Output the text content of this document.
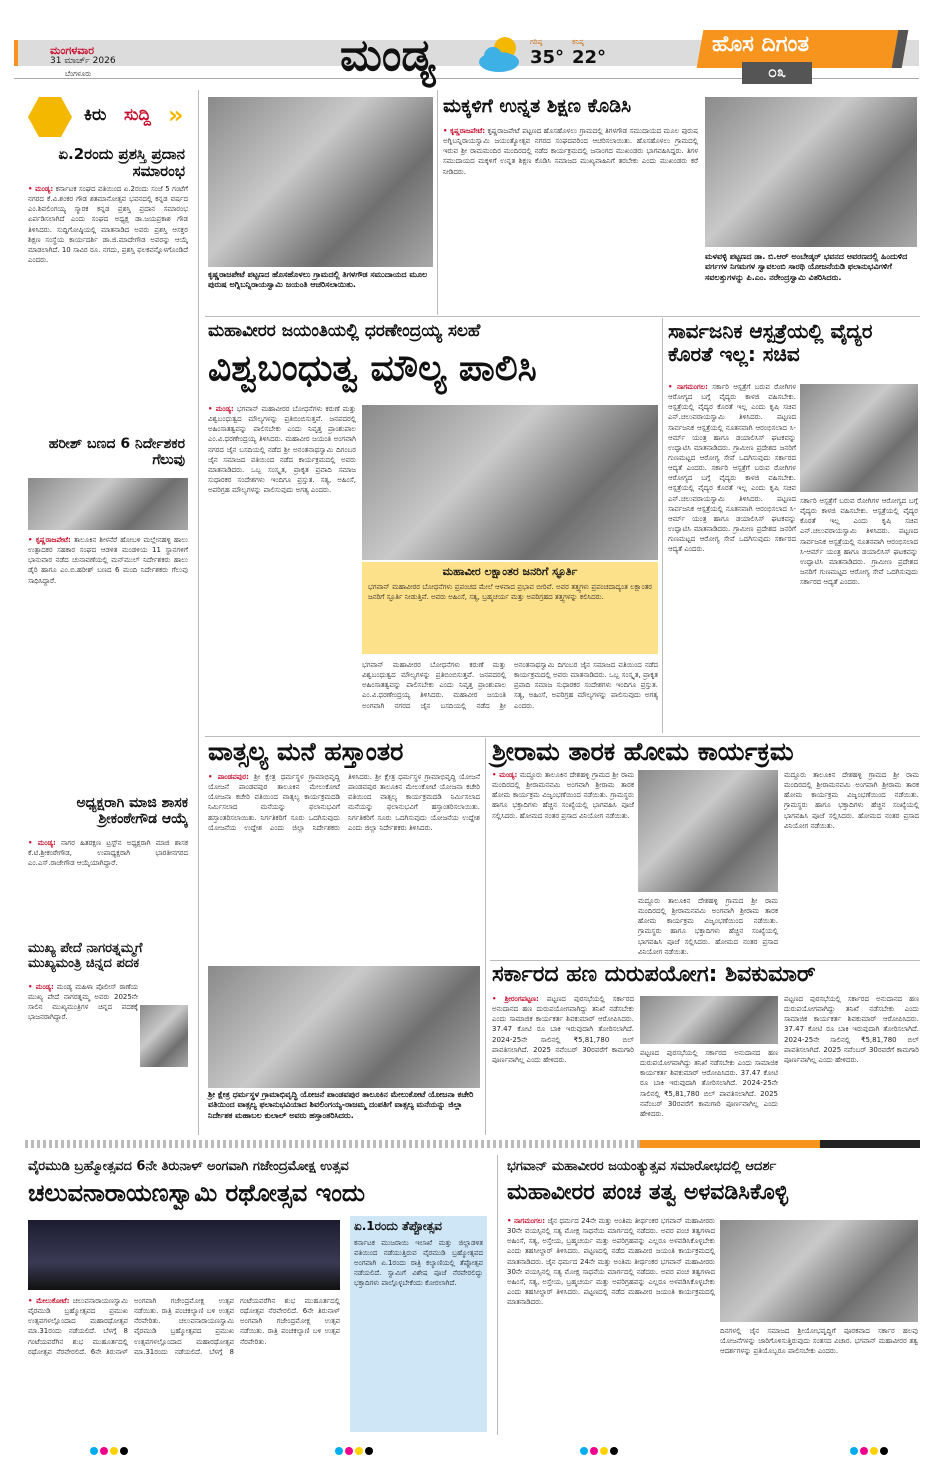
ಮಂಗಳವಾರ
31 ಮಾರ್ಚ್ 2026
ಬೆಂಗಳೂರು	ಮಂಡ್ಯ	ಗರಿಷ್ಠ
35°
ಕನಿಷ್ಠ
22°
ಹೊಸ ದಿಗಂತ
೦೩
ಕಿರು ಸುದ್ದಿ »
ಏ.2ರಂದು ಪ್ರಶಸ್ತಿ ಪ್ರದಾನ ಸಮಾರಂಭ
• ಮಂಡ್ಯ: ಕರ್ನಾಟಕ ಸಂಘದ ವತಿಯಿಂದ ಏ.2ರಂದು ಸಂಜೆ 5 ಗಂಟೆಗೆ ನಗರದ ಕೆ.ವಿ.ಶಂಕರ ಗೌಡ ಶತಮಾನೋತ್ಸವ ಭವನದಲ್ಲಿ ಕನ್ನಡ ವರ್ಷದ ಎಂ.ಶಿವಲಿಂಗಯ್ಯ ಸ್ಮಾರಕ ಕನ್ನಡ ಪ್ರಶಸ್ತಿ ಪ್ರದಾನ ಸಮಾರಂಭ ಏರ್ಪಡಿಸಲಾಗಿದೆ ಎಂದು ಸಂಘದ ಅಧ್ಯಕ್ಷ ಡಾ.ಜಯಪ್ರಕಾಶ ಗೌಡ ತಿಳಿಸಿದರು. ಸುದ್ದಿಗೋಷ್ಠಿಯಲ್ಲಿ ಮಾತನಾಡಿದ ಅವರು ಪ್ರಶಸ್ತಿ ಆಸಕ್ತರ ಶಿಕ್ಷಣ ಸಂಸ್ಥೆಯ ಕಾರ್ಯದರ್ಶಿ ಡಾ.ಜಿ.ಮಾದೇಗೌಡ ಅವರನ್ನು ಆಯ್ಕೆ ಮಾಡಲಾಗಿದೆ. 10 ಸಾವಿರ ರೂ. ನಗದು, ಪ್ರಶಸ್ತಿ ಫಲಕವನ್ನೊಳಗೊಂಡಿದೆ ಎಂದರು.
ಹರೀಶ್ ಬಣದ 6 ನಿರ್ದೇಶಕರ ಗೆಲುವು
• ಕೃಷ್ಣರಾಜಪೇಟೆ: ತಾಲೂಕಿನ ಶೀಳನೆರೆ ಹೋಬಳಿ ಮಲ್ಲೇನಹಳ್ಳಿ ಹಾಲು ಉತ್ಪಾದಕರ ಸಹಕಾರ ಸಂಘದ ಆಡಳಿತ ಮಂಡಳಿಯ 11 ಸ್ಥಾನಗಳಿಗೆ ಭಾನುವಾರ ನಡೆದ ಚುನಾವಣೆಯಲ್ಲಿ ಮನ್‌ಮುಲ್ ನಿರ್ದೇಶಕರು ಹಾಲು ಡೈರಿ ಹಾಗೂ ಎಂ.ಬಿ.ಹರೀಶ್ ಬಣದ 6 ಮಂದಿ ನಿರ್ದೇಶಕರು ಗೆಲುವು ಸಾಧಿಸಿದ್ದಾರೆ.
ಅಧ್ಯಕ್ಷರಾಗಿ ಮಾಜಿ ಶಾಸಕ ಶ್ರೀಕಂಠೇಗೌಡ ಆಯ್ಕೆ
• ಮಂಡ್ಯ: ನಾಗರ ಹಿತರಕ್ಷಣ ಟ್ರಸ್ಟ್‌ನ ಅಧ್ಯಕ್ಷರಾಗಿ ಮಾಜಿ ಶಾಸಕ ಕೆ.ಟಿ.ಶ್ರೀಕಂಠೇಗೌಡ, ಉಪಾಧ್ಯಕ್ಷರಾಗಿ ಭಾರತೀನಗರದ ಎಂ.ಎಸ್.ರಾಜೇಗೌಡ ಆಯ್ಕೆಯಾಗಿದ್ದಾರೆ.
ಮುಖ್ಯ ಪೇದೆ ನಾಗರತ್ನಮ್ಮಗೆ ಮುಖ್ಯಮಂತ್ರಿ ಚಿನ್ನದ ಪದಕ
• ಮಂಡ್ಯ: ಮಂಡ್ಯ ಮಹಿಳಾ ಪೊಲೀಸ್ ಠಾಣೆಯ ಮುಖ್ಯ ಪೇದೆ ನಾಗರತ್ನಮ್ಮ ಅವರು 2025ನೇ ಸಾಲಿನ ಮುಖ್ಯಮಂತ್ರಿಗಳ ಚಿನ್ನದ ಪದಕಕ್ಕೆ ಭಾಜನರಾಗಿದ್ದಾರೆ.
ಕೃಷ್ಣರಾಜಪೇಟೆ ಪಟ್ಟಣದ ಹೊಸಹೊಳಲು ಗ್ರಾಮದಲ್ಲಿ ತಿಗಳಗೌಡ ಸಮುದಾಯದ ಮೂಲ ಪುರುಷ ಅಗ್ನಿಬನ್ನಿರಾಯಸ್ವಾಮಿ ಜಯಂತಿ ಆಚರಿಸಲಾಯಿತು.
ಮಕ್ಕಳಿಗೆ ಉನ್ನತ ಶಿಕ್ಷಣ ಕೊಡಿಸಿ
• ಕೃಷ್ಣರಾಜಪೇಟೆ: ಕೃಷ್ಣರಾಜಪೇಟೆ ಪಟ್ಟಣದ ಹೊಸಹೊಳಲು ಗ್ರಾಮದಲ್ಲಿ ತಿಗಳಗೌಡ ಸಮುದಾಯದ ಮೂಲ ಪುರುಷ ಅಗ್ನಿಬನ್ನಿರಾಯಸ್ವಾಮಿ ಜಯಂತ್ಯೋತ್ಸವ ನಗರದ ಸಂಘದವರಿಂದ ಆಚರಿಸಲಾಯಿತು. ಹೊಸಹೊಳಲು ಗ್ರಾಮದಲ್ಲಿ ಇರುವ ಶ್ರೀ ರಾಮಮಂದಿರ ಮಂದಿರದಲ್ಲಿ ನಡೆದ ಕಾರ್ಯಕ್ರಮದಲ್ಲಿ ಜನಾಂಗದ ಮುಖಂಡರು ಭಾಗವಹಿಸಿದ್ದರು. ತಿಗಳ ಸಮುದಾಯದ ಮಕ್ಕಳಿಗೆ ಉನ್ನತ ಶಿಕ್ಷಣ ಕೊಡಿಸಿ ಸಮಾಜದ ಮುಖ್ಯವಾಹಿನಿಗೆ ತರಬೇಕು ಎಂದು ಮುಖಂಡರು ಕರೆ ನೀಡಿದರು.
ಮಳವಳ್ಳಿ ಪಟ್ಟಣದ ಡಾ. ಬಿ.ಆರ್ ಅಂಬೇಡ್ಕರ್ ಭವನದ ಆವರಣದಲ್ಲಿ ಹಿಂದುಳಿದ ವರ್ಗಗಳ ನಿಗಮಗಳ ಸ್ವಾವಲಂಬಿ ಸಾರಥಿ ಯೋಜನೆಯಡಿ ಫಲಾನುಭವಿಗಳಿಗೆ ಸವಲತ್ತುಗಳನ್ನು ಪಿ.ಎಂ. ನರೇಂದ್ರಸ್ವಾಮಿ ವಿತರಿಸಿದರು.
ಮಹಾವೀರರ ಜಯಂತಿಯಲ್ಲಿ ಧರಣೇಂದ್ರಯ್ಯ ಸಲಹೆ
ವಿಶ್ವಬಂಧುತ್ವ ಮೌಲ್ಯ ಪಾಲಿಸಿ
• ಮಂಡ್ಯ: ಭಗವಾನ್ ಮಹಾವೀರರ ಬೋಧನೆಗಳು ಕರುಣೆ ಮತ್ತು ವಿಶ್ವಬಂಧುತ್ವದ ಮೌಲ್ಯಗಳನ್ನು ಪ್ರತಿಬಿಂಬಿಸುತ್ತವೆ. ಜನಪದರಲ್ಲಿ ಅಹಿಂಸಾತತ್ವವನ್ನು ಪಾಲಿಸಬೇಕು ಎಂದು ನಿವೃತ್ತ ಪ್ರಾಂಶುಪಾಲ ಎಂ.ವಿ.ಧರಣೇಂದ್ರಯ್ಯ ತಿಳಿಸಿದರು. ಮಹಾವೀರ ಜಯಂತಿ ಅಂಗವಾಗಿ ನಗರದ ಜೈನ ಬಸದಿಯಲ್ಲಿ ನಡೆದ ಶ್ರೀ ಅನಂತನಾಥಸ್ವಾಮಿ ದಿಗಂಬರ ಜೈನ ಸಮಾಜದ ವತಿಯಿಂದ ನಡೆದ ಕಾರ್ಯಕ್ರಮದಲ್ಲಿ ಅವರು ಮಾತನಾಡಿದರು. ಒಬ್ಬ ಸಂಸ್ಕೃತ, ಪ್ರಾಕೃತ ಪ್ರವಾದಿ ಸಮಾಜ ಸುಧಾರಕರ ಸಂದೇಶಗಳು ಇಂದಿಗೂ ಪ್ರಸ್ತುತ. ಸತ್ಯ, ಅಹಿಂಸೆ, ಅಪರಿಗ್ರಹ ಮೌಲ್ಯಗಳನ್ನು ಪಾಲಿಸುವುದು ಅಗತ್ಯ ಎಂದರು.
ಮಹಾವೀರ ಲಕ್ಷಾಂತರ ಜನರಿಗೆ ಸ್ಫೂರ್ತಿ
ಭಗವಾನ್ ಮಹಾವೀರರ ಬೋಧನೆಗಳು ಪ್ರಪಂಚದ ಮೇಲೆ ಆಳವಾದ ಪ್ರಭಾವ ಬೀರಿವೆ. ಅವರ ತತ್ತ್ವಗಳು ಪ್ರಪಂಚದಾದ್ಯಂತ ಲಕ್ಷಾಂತರ ಜನರಿಗೆ ಸ್ಫೂರ್ತಿ ನೀಡುತ್ತಿವೆ. ಅವರು ಅಹಿಂಸೆ, ಸತ್ಯ, ಬ್ರಹ್ಮಚರ್ಯ ಮತ್ತು ಅಪರಿಗ್ರಹದ ತತ್ತ್ವಗಳನ್ನು ಕಲಿಸಿದರು.
ಭಗವಾನ್ ಮಹಾವೀರರ ಬೋಧನೆಗಳು ಕರುಣೆ ಮತ್ತು ವಿಶ್ವಬಂಧುತ್ವದ ಮೌಲ್ಯಗಳನ್ನು ಪ್ರತಿಬಿಂಬಿಸುತ್ತವೆ. ಜನಪದರಲ್ಲಿ ಅಹಿಂಸಾತತ್ವವನ್ನು ಪಾಲಿಸಬೇಕು ಎಂದು ನಿವೃತ್ತ ಪ್ರಾಂಶುಪಾಲ ಎಂ.ವಿ.ಧರಣೇಂದ್ರಯ್ಯ ತಿಳಿಸಿದರು. ಮಹಾವೀರ ಜಯಂತಿ ಅಂಗವಾಗಿ ನಗರದ ಜೈನ ಬಸದಿಯಲ್ಲಿ ನಡೆದ ಶ್ರೀ ಅನಂತನಾಥಸ್ವಾಮಿ ದಿಗಂಬರ ಜೈನ ಸಮಾಜದ ವತಿಯಿಂದ ನಡೆದ ಕಾರ್ಯಕ್ರಮದಲ್ಲಿ ಅವರು ಮಾತನಾಡಿದರು. ಒಬ್ಬ ಸಂಸ್ಕೃತ, ಪ್ರಾಕೃತ ಪ್ರವಾದಿ ಸಮಾಜ ಸುಧಾರಕರ ಸಂದೇಶಗಳು ಇಂದಿಗೂ ಪ್ರಸ್ತುತ. ಸತ್ಯ, ಅಹಿಂಸೆ, ಅಪರಿಗ್ರಹ ಮೌಲ್ಯಗಳನ್ನು ಪಾಲಿಸುವುದು ಅಗತ್ಯ ಎಂದರು.
ಸಾರ್ವಜನಿಕ ಆಸ್ಪತ್ರೆಯಲ್ಲಿ ವೈದ್ಯರ ಕೊರತೆ ಇಲ್ಲ: ಸಚಿವ
• ನಾಗಮಂಗಲ: ಸರ್ಕಾರಿ ಆಸ್ಪತ್ರೆಗೆ ಬರುವ ರೋಗಿಗಳ ಆರೋಗ್ಯದ ಬಗ್ಗೆ ವೈದ್ಯರು ಕಾಳಜಿ ವಹಿಸಬೇಕು. ಆಸ್ಪತ್ರೆಯಲ್ಲಿ ವೈದ್ಯರ ಕೊರತೆ ಇಲ್ಲ ಎಂದು ಕೃಷಿ ಸಚಿವ ಎನ್.ಚಲುವರಾಯಸ್ವಾಮಿ ತಿಳಿಸಿದರು. ಪಟ್ಟಣದ ಸಾರ್ವಜನಿಕ ಆಸ್ಪತ್ರೆಯಲ್ಲಿ ನೂತನವಾಗಿ ಆರಂಭಿಸಲಾದ ಸಿ-ಆರ್ಮ್ ಯಂತ್ರ ಹಾಗೂ ಡಯಾಲಿಸಿಸ್ ಘಟಕವನ್ನು ಉದ್ಘಾಟಿಸಿ ಮಾತನಾಡಿದರು. ಗ್ರಾಮೀಣ ಪ್ರದೇಶದ ಜನರಿಗೆ ಗುಣಮಟ್ಟದ ಆರೋಗ್ಯ ಸೇವೆ ಒದಗಿಸುವುದು ಸರ್ಕಾರದ ಆದ್ಯತೆ ಎಂದರು. ಸರ್ಕಾರಿ ಆಸ್ಪತ್ರೆಗೆ ಬರುವ ರೋಗಿಗಳ ಆರೋಗ್ಯದ ಬಗ್ಗೆ ವೈದ್ಯರು ಕಾಳಜಿ ವಹಿಸಬೇಕು. ಆಸ್ಪತ್ರೆಯಲ್ಲಿ ವೈದ್ಯರ ಕೊರತೆ ಇಲ್ಲ ಎಂದು ಕೃಷಿ ಸಚಿವ ಎನ್.ಚಲುವರಾಯಸ್ವಾಮಿ ತಿಳಿಸಿದರು. ಪಟ್ಟಣದ ಸಾರ್ವಜನಿಕ ಆಸ್ಪತ್ರೆಯಲ್ಲಿ ನೂತನವಾಗಿ ಆರಂಭಿಸಲಾದ ಸಿ-ಆರ್ಮ್ ಯಂತ್ರ ಹಾಗೂ ಡಯಾಲಿಸಿಸ್ ಘಟಕವನ್ನು ಉದ್ಘಾಟಿಸಿ ಮಾತನಾಡಿದರು. ಗ್ರಾಮೀಣ ಪ್ರದೇಶದ ಜನರಿಗೆ ಗುಣಮಟ್ಟದ ಆರೋಗ್ಯ ಸೇವೆ ಒದಗಿಸುವುದು ಸರ್ಕಾರದ ಆದ್ಯತೆ ಎಂದರು.
ಸರ್ಕಾರಿ ಆಸ್ಪತ್ರೆಗೆ ಬರುವ ರೋಗಿಗಳ ಆರೋಗ್ಯದ ಬಗ್ಗೆ ವೈದ್ಯರು ಕಾಳಜಿ ವಹಿಸಬೇಕು. ಆಸ್ಪತ್ರೆಯಲ್ಲಿ ವೈದ್ಯರ ಕೊರತೆ ಇಲ್ಲ ಎಂದು ಕೃಷಿ ಸಚಿವ ಎನ್.ಚಲುವರಾಯಸ್ವಾಮಿ ತಿಳಿಸಿದರು. ಪಟ್ಟಣದ ಸಾರ್ವಜನಿಕ ಆಸ್ಪತ್ರೆಯಲ್ಲಿ ನೂತನವಾಗಿ ಆರಂಭಿಸಲಾದ ಸಿ-ಆರ್ಮ್ ಯಂತ್ರ ಹಾಗೂ ಡಯಾಲಿಸಿಸ್ ಘಟಕವನ್ನು ಉದ್ಘಾಟಿಸಿ ಮಾತನಾಡಿದರು. ಗ್ರಾಮೀಣ ಪ್ರದೇಶದ ಜನರಿಗೆ ಗುಣಮಟ್ಟದ ಆರೋಗ್ಯ ಸೇವೆ ಒದಗಿಸುವುದು ಸರ್ಕಾರದ ಆದ್ಯತೆ ಎಂದರು.
ವಾತ್ಸಲ್ಯ ಮನೆ ಹಸ್ತಾಂತರ
• ಪಾಂಡವಪುರ: ಶ್ರೀ ಕ್ಷೇತ್ರ ಧರ್ಮಸ್ಥಳ ಗ್ರಾಮಾಭಿವೃದ್ಧಿ ಯೋಜನೆ ಪಾಂಡವಪುರ ತಾಲೂಕಿನ ಮೇಲುಕೋಟೆ ಯೋಜನಾ ಕಚೇರಿ ವತಿಯಿಂದ ವಾತ್ಸಲ್ಯ ಕಾರ್ಯಕ್ರಮದಡಿ ನಿರ್ಮಿಸಲಾದ ಮನೆಯನ್ನು ಫಲಾನುಭವಿಗೆ ಹಸ್ತಾಂತರಿಸಲಾಯಿತು. ನಿರ್ಗತಿಕರಿಗೆ ಸೂರು ಒದಗಿಸುವುದು ಯೋಜನೆಯ ಉದ್ದೇಶ ಎಂದು ಜಿಲ್ಲಾ ನಿರ್ದೇಶಕರು ತಿಳಿಸಿದರು. ಶ್ರೀ ಕ್ಷೇತ್ರ ಧರ್ಮಸ್ಥಳ ಗ್ರಾಮಾಭಿವೃದ್ಧಿ ಯೋಜನೆ ಪಾಂಡವಪುರ ತಾಲೂಕಿನ ಮೇಲುಕೋಟೆ ಯೋಜನಾ ಕಚೇರಿ ವತಿಯಿಂದ ವಾತ್ಸಲ್ಯ ಕಾರ್ಯಕ್ರಮದಡಿ ನಿರ್ಮಿಸಲಾದ ಮನೆಯನ್ನು ಫಲಾನುಭವಿಗೆ ಹಸ್ತಾಂತರಿಸಲಾಯಿತು. ನಿರ್ಗತಿಕರಿಗೆ ಸೂರು ಒದಗಿಸುವುದು ಯೋಜನೆಯ ಉದ್ದೇಶ ಎಂದು ಜಿಲ್ಲಾ ನಿರ್ದೇಶಕರು ತಿಳಿಸಿದರು.
ಶ್ರೀ ಕ್ಷೇತ್ರ ಧರ್ಮಸ್ಥಳ ಗ್ರಾಮಾಭಿವೃದ್ಧಿ ಯೋಜನೆ ಪಾಂಡವಪುರ ತಾಲೂಕಿನ ಮೇಲುಕೋಟೆ ಯೋಜನಾ ಕಚೇರಿ ವತಿಯಿಂದ ವಾತ್ಸಲ್ಯ ಫಲಾನುಭವಿಯಾದ ಶಿವಲಿಂಗಯ್ಯ-ರಾಜಮ್ಮ ದಂಪತಿಗೆ ವಾತ್ಸಲ್ಯ ಮನೆಯನ್ನು ಜಿಲ್ಲಾ ನಿರ್ದೇಶಕ ಮಹಾಬಲ ಕುಲಾಲ್ ಅವರು ಹಸ್ತಾಂತರಿಸಿದರು.
ಶ್ರೀರಾಮ ತಾರಕ ಹೋಮ ಕಾರ್ಯಕ್ರಮ
• ಮಂಡ್ಯ: ಮದ್ದೂರು ತಾಲೂಕಿನ ದೇಶಹಳ್ಳಿ ಗ್ರಾಮದ ಶ್ರೀ ರಾಮ ಮಂದಿರದಲ್ಲಿ ಶ್ರೀರಾಮನವಮಿ ಅಂಗವಾಗಿ ಶ್ರೀರಾಮ ತಾರಕ ಹೋಮ ಕಾರ್ಯಕ್ರಮ ವಿಜೃಂಭಣೆಯಿಂದ ನಡೆಯಿತು. ಗ್ರಾಮಸ್ಥರು ಹಾಗೂ ಭಕ್ತಾದಿಗಳು ಹೆಚ್ಚಿನ ಸಂಖ್ಯೆಯಲ್ಲಿ ಭಾಗವಹಿಸಿ ಪೂಜೆ ಸಲ್ಲಿಸಿದರು. ಹೋಮದ ನಂತರ ಪ್ರಸಾದ ವಿನಿಯೋಗ ನಡೆಯಿತು.
ಮದ್ದೂರು ತಾಲೂಕಿನ ದೇಶಹಳ್ಳಿ ಗ್ರಾಮದ ಶ್ರೀ ರಾಮ ಮಂದಿರದಲ್ಲಿ ಶ್ರೀರಾಮನವಮಿ ಅಂಗವಾಗಿ ಶ್ರೀರಾಮ ತಾರಕ ಹೋಮ ಕಾರ್ಯಕ್ರಮ ವಿಜೃಂಭಣೆಯಿಂದ ನಡೆಯಿತು. ಗ್ರಾಮಸ್ಥರು ಹಾಗೂ ಭಕ್ತಾದಿಗಳು ಹೆಚ್ಚಿನ ಸಂಖ್ಯೆಯಲ್ಲಿ ಭಾಗವಹಿಸಿ ಪೂಜೆ ಸಲ್ಲಿಸಿದರು. ಹೋಮದ ನಂತರ ಪ್ರಸಾದ ವಿನಿಯೋಗ ನಡೆಯಿತು.
ಮದ್ದೂರು ತಾಲೂಕಿನ ದೇಶಹಳ್ಳಿ ಗ್ರಾಮದ ಶ್ರೀ ರಾಮ ಮಂದಿರದಲ್ಲಿ ಶ್ರೀರಾಮನವಮಿ ಅಂಗವಾಗಿ ಶ್ರೀರಾಮ ತಾರಕ ಹೋಮ ಕಾರ್ಯಕ್ರಮ ವಿಜೃಂಭಣೆಯಿಂದ ನಡೆಯಿತು. ಗ್ರಾಮಸ್ಥರು ಹಾಗೂ ಭಕ್ತಾದಿಗಳು ಹೆಚ್ಚಿನ ಸಂಖ್ಯೆಯಲ್ಲಿ ಭಾಗವಹಿಸಿ ಪೂಜೆ ಸಲ್ಲಿಸಿದರು. ಹೋಮದ ನಂತರ ಪ್ರಸಾದ ವಿನಿಯೋಗ ನಡೆಯಿತು.
ಸರ್ಕಾರದ ಹಣ ದುರುಪಯೋಗ: ಶಿವಕುಮಾರ್
• ಶ್ರೀರಂಗಪಟ್ಟಣ: ಪಟ್ಟಣದ ಪುರಸಭೆಯಲ್ಲಿ ಸರ್ಕಾರದ ಅನುದಾನದ ಹಣ ದುರುಪಯೋಗವಾಗಿದ್ದು ತನಿಖೆ ನಡೆಸಬೇಕು ಎಂದು ಸಾಮಾಜಿಕ ಕಾರ್ಯಕರ್ತ ಶಿವಕುಮಾರ್ ಆರೋಪಿಸಿದರು. 37.47 ಕೋಟಿ ರೂ ಬಾಕಿ ಇರುವುದಾಗಿ ತೋರಿಸಲಾಗಿದೆ. 2024-25ನೇ ಸಾಲಿನಲ್ಲಿ ₹5,81,780 ಬಿಲ್ ಪಾವತಿಸಲಾಗಿದೆ. 2025 ನವೆಂಬರ್ 30ರವರೆಗೆ ಕಾಮಗಾರಿ ಪೂರ್ಣವಾಗಿಲ್ಲ ಎಂದು ಹೇಳಿದರು.
ಪಟ್ಟಣದ ಪುರಸಭೆಯಲ್ಲಿ ಸರ್ಕಾರದ ಅನುದಾನದ ಹಣ ದುರುಪಯೋಗವಾಗಿದ್ದು ತನಿಖೆ ನಡೆಸಬೇಕು ಎಂದು ಸಾಮಾಜಿಕ ಕಾರ್ಯಕರ್ತ ಶಿವಕುಮಾರ್ ಆರೋಪಿಸಿದರು. 37.47 ಕೋಟಿ ರೂ ಬಾಕಿ ಇರುವುದಾಗಿ ತೋರಿಸಲಾಗಿದೆ. 2024-25ನೇ ಸಾಲಿನಲ್ಲಿ ₹5,81,780 ಬಿಲ್ ಪಾವತಿಸಲಾಗಿದೆ. 2025 ನವೆಂಬರ್ 30ರವರೆಗೆ ಕಾಮಗಾರಿ ಪೂರ್ಣವಾಗಿಲ್ಲ ಎಂದು ಹೇಳಿದರು.
ಪಟ್ಟಣದ ಪುರಸಭೆಯಲ್ಲಿ ಸರ್ಕಾರದ ಅನುದಾನದ ಹಣ ದುರುಪಯೋಗವಾಗಿದ್ದು ತನಿಖೆ ನಡೆಸಬೇಕು ಎಂದು ಸಾಮಾಜಿಕ ಕಾರ್ಯಕರ್ತ ಶಿವಕುಮಾರ್ ಆರೋಪಿಸಿದರು. 37.47 ಕೋಟಿ ರೂ ಬಾಕಿ ಇರುವುದಾಗಿ ತೋರಿಸಲಾಗಿದೆ. 2024-25ನೇ ಸಾಲಿನಲ್ಲಿ ₹5,81,780 ಬಿಲ್ ಪಾವತಿಸಲಾಗಿದೆ. 2025 ನವೆಂಬರ್ 30ರವರೆಗೆ ಕಾಮಗಾರಿ ಪೂರ್ಣವಾಗಿಲ್ಲ ಎಂದು ಹೇಳಿದರು.
ವೈರಮುಡಿ ಬ್ರಹ್ಮೋತ್ಸವದ 6ನೇ ತಿರುನಾಳ್ ಅಂಗವಾಗಿ ಗಜೇಂದ್ರಮೋಕ್ಷ ಉತ್ಸವ
ಚಲುವನಾರಾಯಣಸ್ವಾಮಿ ರಥೋತ್ಸವ ಇಂದು
• ಮೇಲುಕೋಟೆ: ಚಲುವನಾರಾಯಣಸ್ವಾಮಿ ವೈರಮುಡಿ ಬ್ರಹ್ಮೋತ್ಸವದ ಪ್ರಮುಖ ಉತ್ಸವಗಳಲ್ಲೊಂದಾದ ಮಹಾರಥೋತ್ಸವ ಮಾ.31ರಂದು ನಡೆಯಲಿದೆ. ಬೆಳಗ್ಗೆ 8 ಗಂಟೆಯವರೆಗಿನ ಶುಭ ಮುಹೂರ್ತದಲ್ಲಿ ರಥೋತ್ಸವ ನೆರವೇರಲಿದೆ. 6ನೇ ತಿರುನಾಳ್ ಅಂಗವಾಗಿ ಗಜೇಂದ್ರಮೋಕ್ಷ ಉತ್ಸವ ನಡೆಯಿತು. ರಾತ್ರಿ ಪಂಚಕಲ್ಯಾಣಿ ಬಳಿ ಉತ್ಸವ ನೆರವೇರಿತು.	ಚಲುವನಾರಾಯಣಸ್ವಾಮಿ ವೈರಮುಡಿ ಬ್ರಹ್ಮೋತ್ಸವದ ಪ್ರಮುಖ ಉತ್ಸವಗಳಲ್ಲೊಂದಾದ ಮಹಾರಥೋತ್ಸವ ಮಾ.31ರಂದು ನಡೆಯಲಿದೆ. ಬೆಳಗ್ಗೆ 8 ಗಂಟೆಯವರೆಗಿನ ಶುಭ ಮುಹೂರ್ತದಲ್ಲಿ ರಥೋತ್ಸವ ನೆರವೇರಲಿದೆ. 6ನೇ ತಿರುನಾಳ್ ಅಂಗವಾಗಿ ಗಜೇಂದ್ರಮೋಕ್ಷ ಉತ್ಸವ ನಡೆಯಿತು. ರಾತ್ರಿ ಪಂಚಕಲ್ಯಾಣಿ ಬಳಿ ಉತ್ಸವ ನೆರವೇರಿತು.
ಏ.1ರಂದು ತೆಪ್ಪೋತ್ಸವ
ಕರ್ನಾಟಕ ಮುಜರಾಯಿ ಇಲಾಖೆ ಮತ್ತು ಜಿಲ್ಲಾಡಳಿತ ವತಿಯಿಂದ ನಡೆಯುತ್ತಿರುವ ವೈರಮುಡಿ ಬ್ರಹ್ಮೋತ್ಸವದ ಅಂಗವಾಗಿ ಏ.1ರಂದು ರಾತ್ರಿ ಕಲ್ಯಾಣಿಯಲ್ಲಿ ತೆಪ್ಪೋತ್ಸವ ನಡೆಯಲಿದೆ. ಸ್ವಾಮಿಗೆ ವಿಶೇಷ ಪೂಜೆ ನೆರವೇರಲಿದ್ದು ಭಕ್ತಾದಿಗಳು ಪಾಲ್ಗೊಳ್ಳಬೇಕೆಂದು ಕೋರಲಾಗಿದೆ.
ಭಗವಾನ್ ಮಹಾವೀರರ ಜಯಂತ್ಯುತ್ಸವ ಸಮಾರೋಭದಲ್ಲಿ ಆದರ್ಶ
ಮಹಾವೀರರ ಪಂಚ ತತ್ವ ಅಳವಡಿಸಿಕೊಳ್ಳಿ
• ನಾಗಮಂಗಲ: ಜೈನ ಧರ್ಮದ 24ನೇ ಮತ್ತು ಅಂತಿಮ ತೀರ್ಥಂಕರ ಭಗವಾನ್ ಮಹಾವೀರರು 30ನೇ ವಯಸ್ಸಿನಲ್ಲಿ ಸತ್ಯ ಮೋಕ್ಷ ಸಾಧನೆಯ ಮಾರ್ಗದಲ್ಲಿ ನಡೆದರು. ಅವರ ಪಂಚ ತತ್ವಗಳಾದ ಅಹಿಂಸೆ, ಸತ್ಯ, ಅಸ್ತೇಯ, ಬ್ರಹ್ಮಚರ್ಯ ಮತ್ತು ಅಪರಿಗ್ರಹವನ್ನು ಎಲ್ಲರೂ ಅಳವಡಿಸಿಕೊಳ್ಳಬೇಕು ಎಂದು ತಹಸೀಲ್ದಾರ್ ತಿಳಿಸಿದರು. ಪಟ್ಟಣದಲ್ಲಿ ನಡೆದ ಮಹಾವೀರ ಜಯಂತಿ ಕಾರ್ಯಕ್ರಮದಲ್ಲಿ ಮಾತನಾಡಿದರು. ಜೈನ ಧರ್ಮದ 24ನೇ ಮತ್ತು ಅಂತಿಮ ತೀರ್ಥಂಕರ ಭಗವಾನ್ ಮಹಾವೀರರು 30ನೇ ವಯಸ್ಸಿನಲ್ಲಿ ಸತ್ಯ ಮೋಕ್ಷ ಸಾಧನೆಯ ಮಾರ್ಗದಲ್ಲಿ ನಡೆದರು. ಅವರ ಪಂಚ ತತ್ವಗಳಾದ ಅಹಿಂಸೆ, ಸತ್ಯ, ಅಸ್ತೇಯ, ಬ್ರಹ್ಮಚರ್ಯ ಮತ್ತು ಅಪರಿಗ್ರಹವನ್ನು ಎಲ್ಲರೂ ಅಳವಡಿಸಿಕೊಳ್ಳಬೇಕು ಎಂದು ತಹಸೀಲ್ದಾರ್ ತಿಳಿಸಿದರು. ಪಟ್ಟಣದಲ್ಲಿ ನಡೆದ ಮಹಾವೀರ ಜಯಂತಿ ಕಾರ್ಯಕ್ರಮದಲ್ಲಿ ಮಾತನಾಡಿದರು.
ದಿನಗಳಲ್ಲಿ ಜೈನ ಸಮಾಜದ ಶ್ರೀಯೋಭವೃದ್ಧಿಗೆ ಪೂರಕವಾದ ಸರ್ಕಾರ ಹಲವು ಯೋಜನೆಗಳನ್ನು ಜಾರಿಗೊಳಿಸುತ್ತಿರುವುದು ಸಂತಸದ ವಿಚಾರ. ಭಗವಾನ್ ಮಹಾವೀರರ ತತ್ವ ಆದರ್ಶಗಳನ್ನು ಪ್ರತಿಯೊಬ್ಬರೂ ಪಾಲಿಸಬೇಕು ಎಂದರು.
